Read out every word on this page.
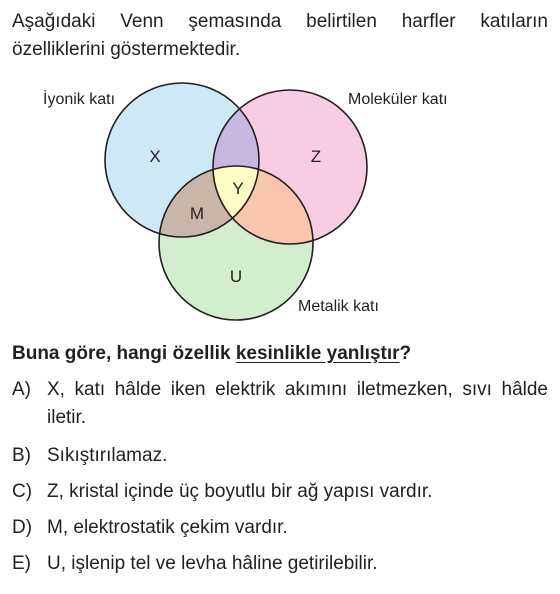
Aşağıdaki Venn şemasında belirtilen harfler katıların özelliklerini göstermektedir.

İyonik katı	Moleküler katı
Metalik katı
X	Z
Y
M
U

Buna göre, hangi özellik kesinlikle yanlıştır?

A) X, katı hâlde iken elektrik akımını iletmezken, sıvı hâlde iletir.
B) Sıkıştırılamaz.
C) Z, kristal içinde üç boyutlu bir ağ yapısı vardır.
D) M, elektrostatik çekim vardır.
E) U, işlenip tel ve levha hâline getirilebilir.
